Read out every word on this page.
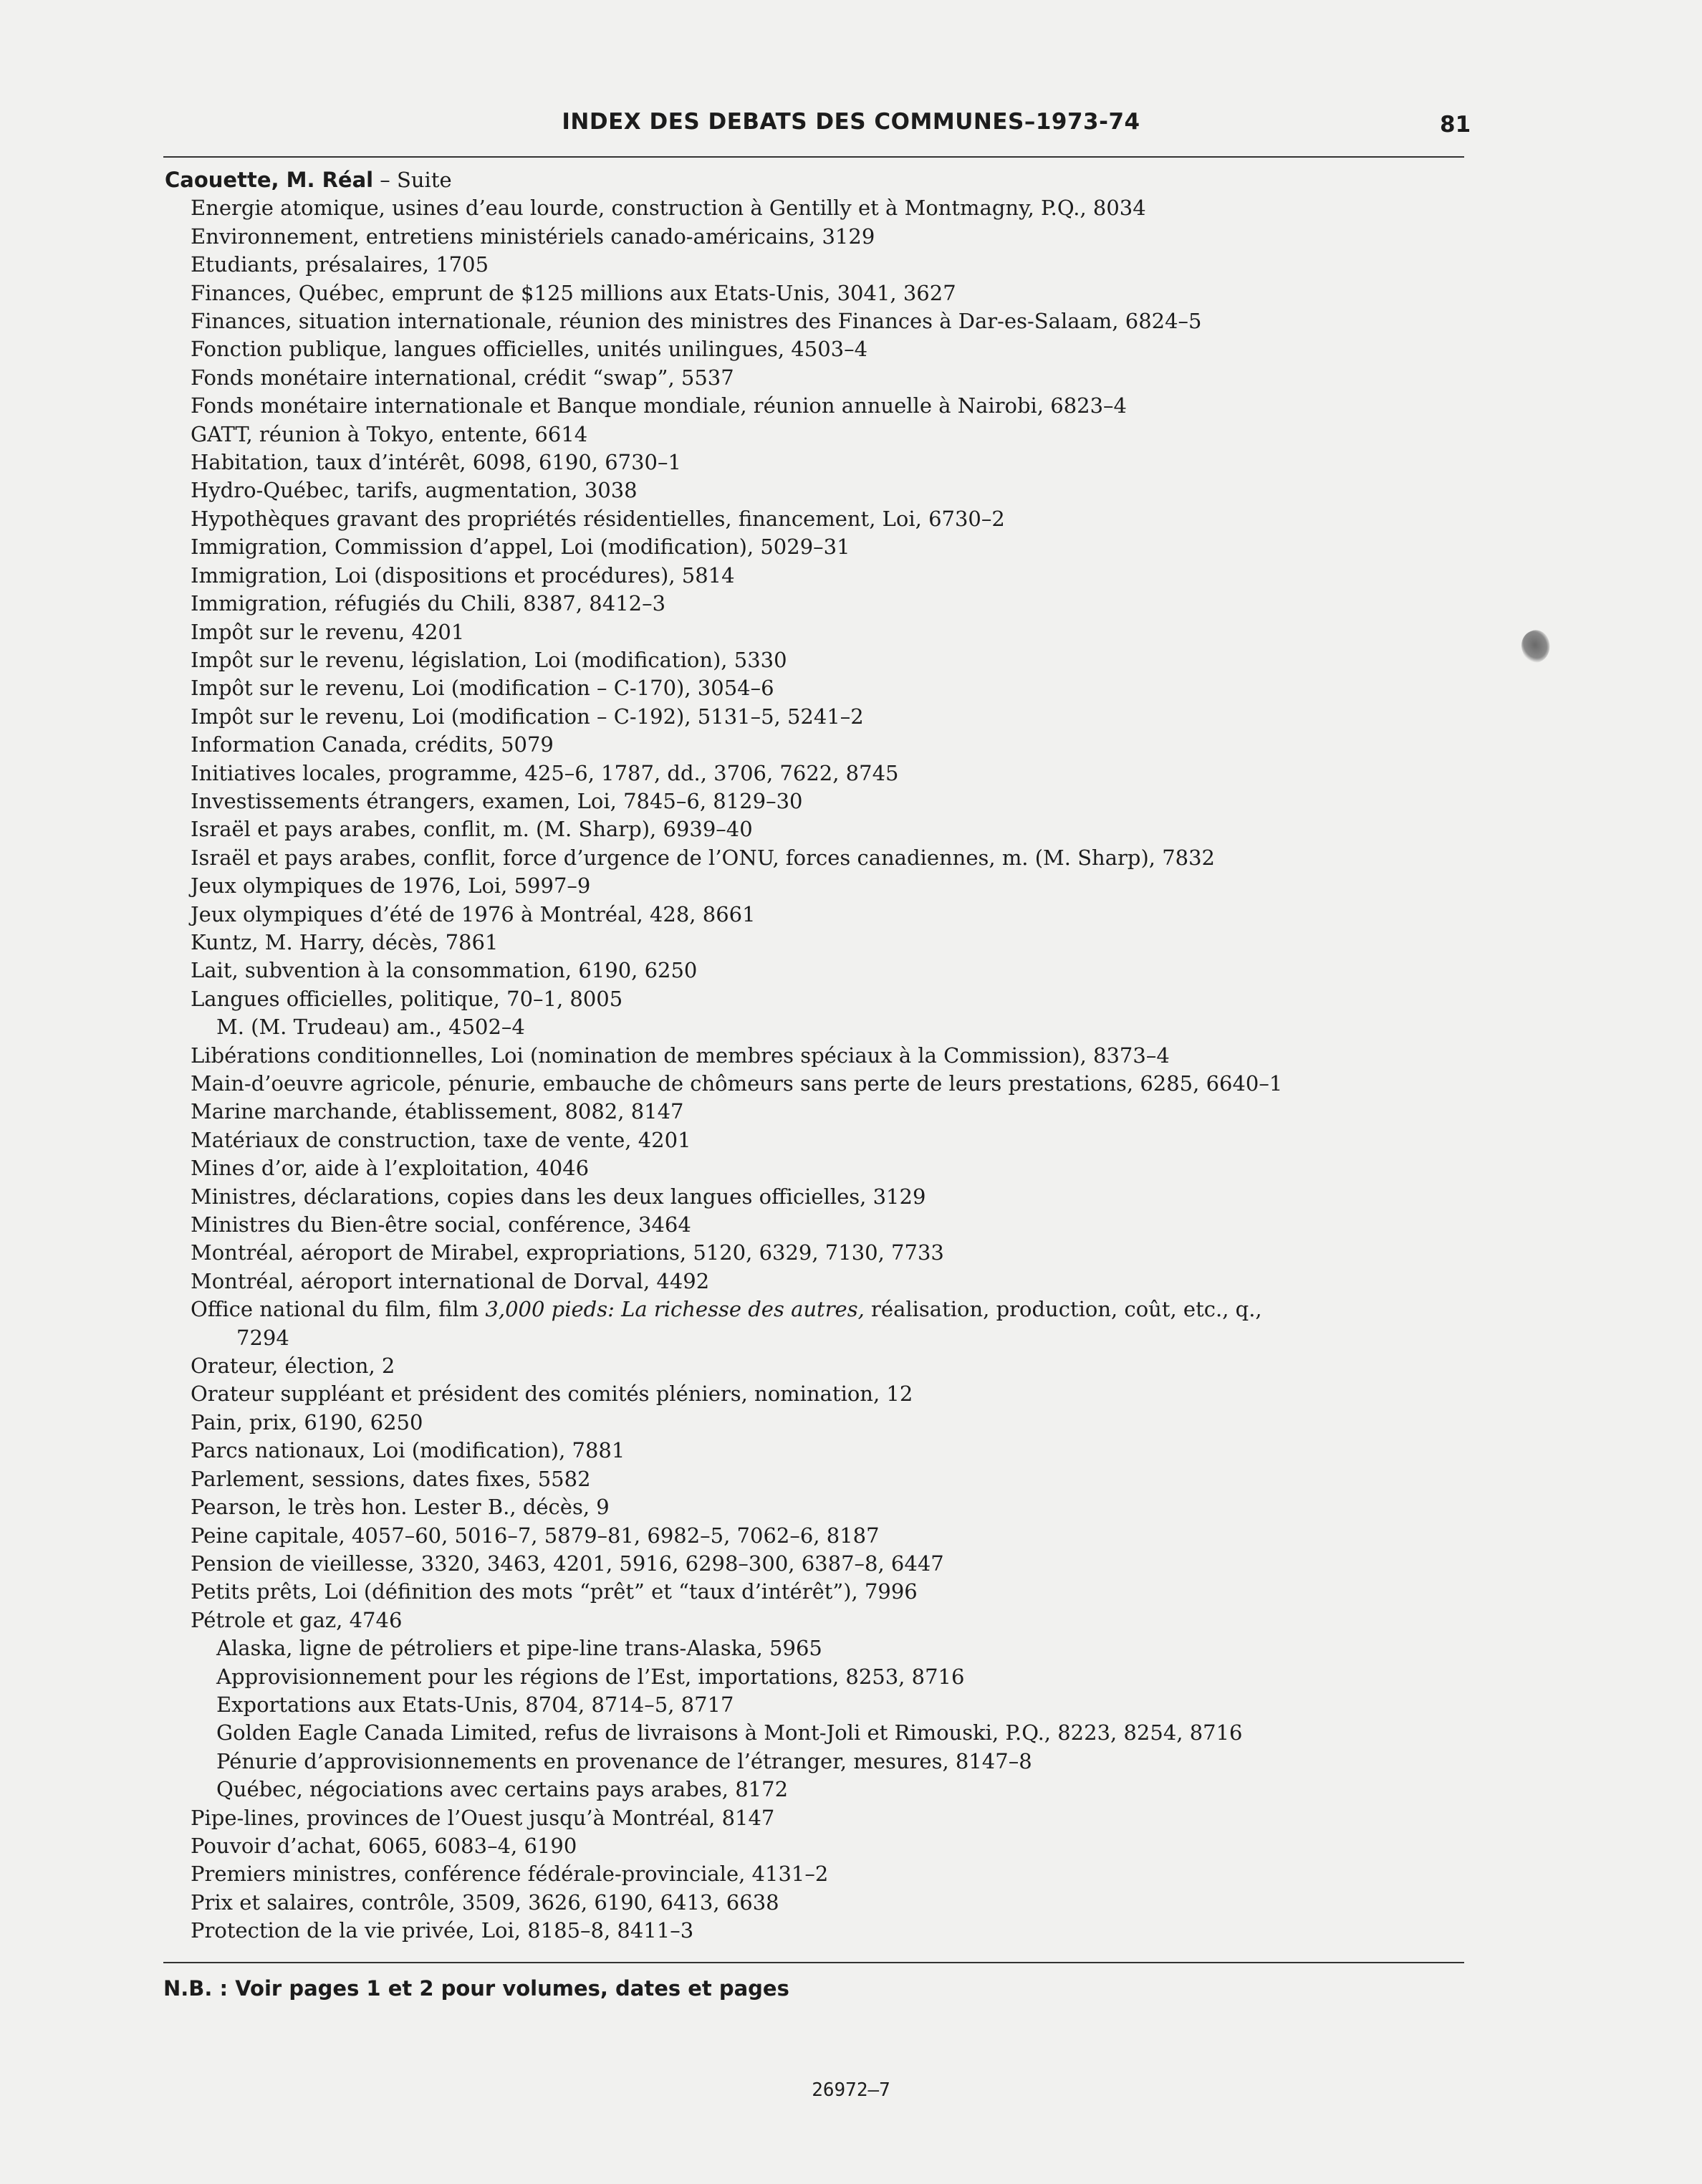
INDEX DES DEBATS DES COMMUNES–1973-74	81
Caouette, M. Réal – Suite
Energie atomique, usines d’eau lourde, construction à Gentilly et à Montmagny, P.Q., 8034
Environnement, entretiens ministériels canado-américains, 3129
Etudiants, présalaires, 1705
Finances, Québec, emprunt de $125 millions aux Etats-Unis, 3041, 3627
Finances, situation internationale, réunion des ministres des Finances à Dar-es-Salaam, 6824–5
Fonction publique, langues officielles, unités unilingues, 4503–4
Fonds monétaire international, crédit “swap”, 5537
Fonds monétaire internationale et Banque mondiale, réunion annuelle à Nairobi, 6823–4
GATT, réunion à Tokyo, entente, 6614
Habitation, taux d’intérêt, 6098, 6190, 6730–1
Hydro-Québec, tarifs, augmentation, 3038
Hypothèques gravant des propriétés résidentielles, financement, Loi, 6730–2
Immigration, Commission d’appel, Loi (modification), 5029–31
Immigration, Loi (dispositions et procédures), 5814
Immigration, réfugiés du Chili, 8387, 8412–3
Impôt sur le revenu, 4201
Impôt sur le revenu, législation, Loi (modification), 5330
Impôt sur le revenu, Loi (modification – C-170), 3054–6
Impôt sur le revenu, Loi (modification – C-192), 5131–5, 5241–2
Information Canada, crédits, 5079
Initiatives locales, programme, 425–6, 1787, dd., 3706, 7622, 8745
Investissements étrangers, examen, Loi, 7845–6, 8129–30
Israël et pays arabes, conflit, m. (M. Sharp), 6939–40
Israël et pays arabes, conflit, force d’urgence de l’ONU, forces canadiennes, m. (M. Sharp), 7832
Jeux olympiques de 1976, Loi, 5997–9
Jeux olympiques d’été de 1976 à Montréal, 428, 8661
Kuntz, M. Harry, décès, 7861
Lait, subvention à la consommation, 6190, 6250
Langues officielles, politique, 70–1, 8005
M. (M. Trudeau) am., 4502–4
Libérations conditionnelles, Loi (nomination de membres spéciaux à la Commission), 8373–4
Main-d’oeuvre agricole, pénurie, embauche de chômeurs sans perte de leurs prestations, 6285, 6640–1
Marine marchande, établissement, 8082, 8147
Matériaux de construction, taxe de vente, 4201
Mines d’or, aide à l’exploitation, 4046
Ministres, déclarations, copies dans les deux langues officielles, 3129
Ministres du Bien-être social, conférence, 3464
Montréal, aéroport de Mirabel, expropriations, 5120, 6329, 7130, 7733
Montréal, aéroport international de Dorval, 4492
Office national du film, film 3,000 pieds: La richesse des autres, réalisation, production, coût, etc., q.,
7294
Orateur, élection, 2
Orateur suppléant et président des comités pléniers, nomination, 12
Pain, prix, 6190, 6250
Parcs nationaux, Loi (modification), 7881
Parlement, sessions, dates fixes, 5582
Pearson, le très hon. Lester B., décès, 9
Peine capitale, 4057–60, 5016–7, 5879–81, 6982–5, 7062–6, 8187
Pension de vieillesse, 3320, 3463, 4201, 5916, 6298–300, 6387–8, 6447
Petits prêts, Loi (définition des mots “prêt” et “taux d’intérêt”), 7996
Pétrole et gaz, 4746
Alaska, ligne de pétroliers et pipe-line trans-Alaska, 5965
Approvisionnement pour les régions de l’Est, importations, 8253, 8716
Exportations aux Etats-Unis, 8704, 8714–5, 8717
Golden Eagle Canada Limited, refus de livraisons à Mont-Joli et Rimouski, P.Q., 8223, 8254, 8716
Pénurie d’approvisionnements en provenance de l’étranger, mesures, 8147–8
Québec, négociations avec certains pays arabes, 8172
Pipe-lines, provinces de l’Ouest jusqu’à Montréal, 8147
Pouvoir d’achat, 6065, 6083–4, 6190
Premiers ministres, conférence fédérale-provinciale, 4131–2
Prix et salaires, contrôle, 3509, 3626, 6190, 6413, 6638
Protection de la vie privée, Loi, 8185–8, 8411–3
N.B. : Voir pages 1 et 2 pour volumes, dates et pages
26972–7
